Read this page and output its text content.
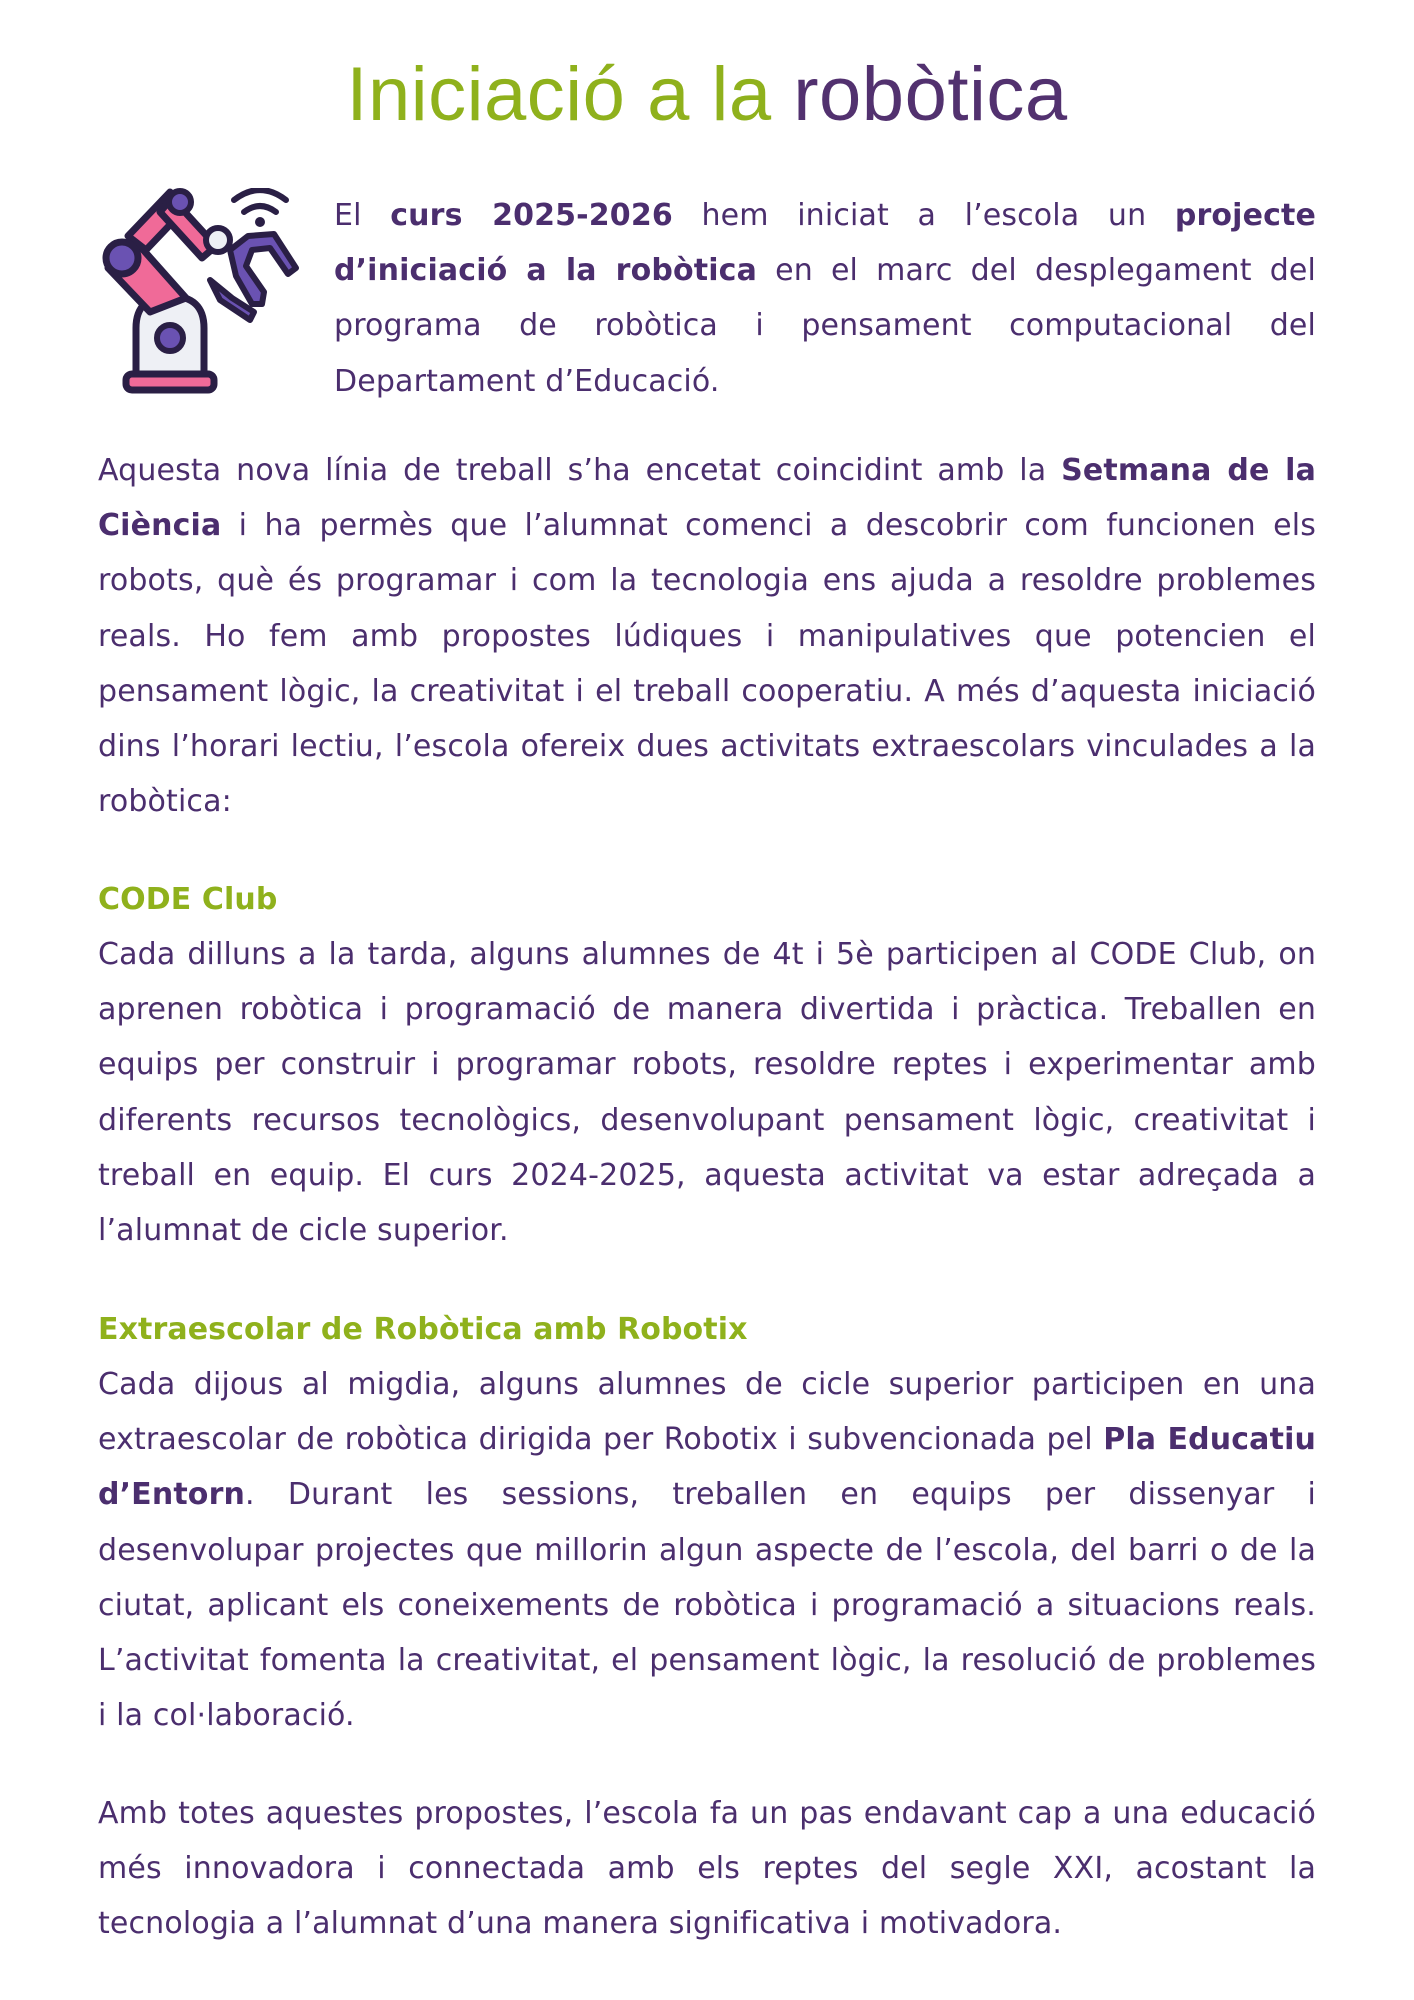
Iniciació a la robòtica
El curs 2025-2026 hem iniciat a l’escola un projecte d’iniciació a la robòtica en el marc del desplegament del programa de robòtica i pensament computacional del Departament d’Educació.
Aquesta nova línia de treball s’ha encetat coincidint amb la Setmana de la Ciència i ha permès que l’alumnat comenci a descobrir com funcionen els robots, què és programar i com la tecnologia ens ajuda a resoldre problemes reals. Ho fem amb propostes lúdiques i manipulatives que potencien el pensament lògic, la creativitat i el treball cooperatiu. A més d’aquesta iniciació dins l’horari lectiu, l’escola ofereix dues activitats extraescolars vinculades a la robòtica:
CODE Club
Cada dilluns a la tarda, alguns alumnes de 4t i 5è participen al CODE Club, on aprenen robòtica i programació de manera divertida i pràctica. Treballen en equips per construir i programar robots, resoldre reptes i experimentar amb diferents recursos tecnològics, desenvolupant pensament lògic, creativitat i treball en equip. El curs 2024-2025, aquesta activitat va estar adreçada a l’alumnat de cicle superior.
Extraescolar de Robòtica amb Robotix
Cada dijous al migdia, alguns alumnes de cicle superior participen en una extraescolar de robòtica dirigida per Robotix i subvencionada pel Pla Educatiu d’Entorn. Durant les sessions, treballen en equips per dissenyar i desenvolupar projectes que millorin algun aspecte de l’escola, del barri o de la ciutat, aplicant els coneixements de robòtica i programació a situacions reals. L’activitat fomenta la creativitat, el pensament lògic, la resolució de problemes i la col·laboració.
Amb totes aquestes propostes, l’escola fa un pas endavant cap a una educació més innovadora i connectada amb els reptes del segle XXI, acostant la tecnologia a l’alumnat d’una manera significativa i motivadora.
